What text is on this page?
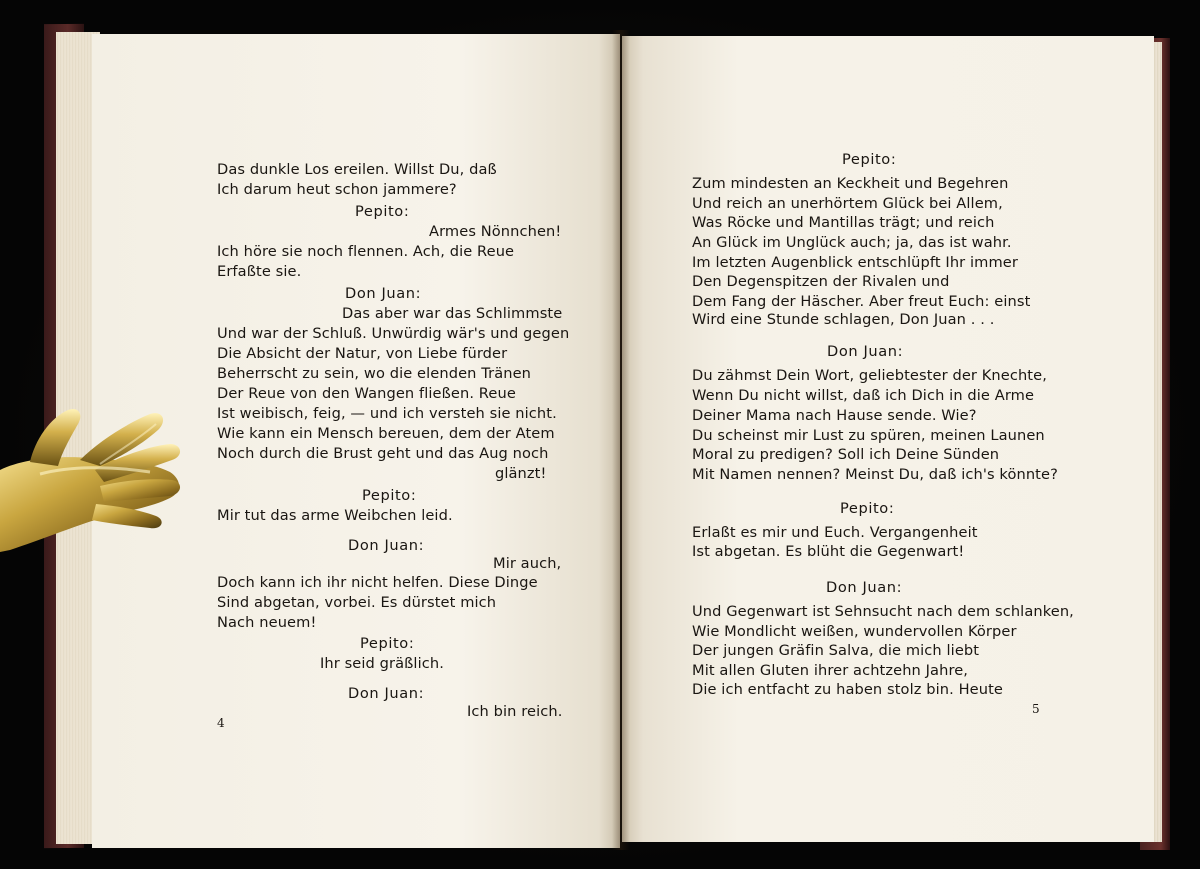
Das dunkle Los ereilen. Willst Du, daß
Ich darum heut schon jammere?
Pepito:
Armes Nönnchen!
Ich höre sie noch flennen. Ach, die Reue
Erfaßte sie.
Don Juan:
Das aber war das Schlimmste
Und war der Schluß. Unwürdig wär's und gegen
Die Absicht der Natur, von Liebe fürder
Beherrscht zu sein, wo die elenden Tränen
Der Reue von den Wangen fließen. Reue
Ist weibisch, feig, — und ich versteh sie nicht.
Wie kann ein Mensch bereuen, dem der Atem
Noch durch die Brust geht und das Aug noch
glänzt!
Pepito:
Mir tut das arme Weibchen leid.
Don Juan:
Mir auch,
Doch kann ich ihr nicht helfen. Diese Dinge
Sind abgetan, vorbei. Es dürstet mich
Nach neuem!
Pepito:
Ihr seid gräßlich.
Don Juan:
Ich bin reich.
4
Pepito:
Zum mindesten an Keckheit und Begehren
Und reich an unerhörtem Glück bei Allem,
Was Röcke und Mantillas trägt; und reich
An Glück im Unglück auch; ja, das ist wahr.
Im letzten Augenblick entschlüpft Ihr immer
Den Degenspitzen der Rivalen und
Dem Fang der Häscher. Aber freut Euch: einst
Wird eine Stunde schlagen, Don Juan . . .
Don Juan:
Du zähmst Dein Wort, geliebtester der Knechte,
Wenn Du nicht willst, daß ich Dich in die Arme
Deiner Mama nach Hause sende. Wie?
Du scheinst mir Lust zu spüren, meinen Launen
Moral zu predigen? Soll ich Deine Sünden
Mit Namen nennen? Meinst Du, daß ich's könnte?
Pepito:
Erlaßt es mir und Euch. Vergangenheit
Ist abgetan. Es blüht die Gegenwart!
Don Juan:
Und Gegenwart ist Sehnsucht nach dem schlanken,
Wie Mondlicht weißen, wundervollen Körper
Der jungen Gräfin Salva, die mich liebt
Mit allen Gluten ihrer achtzehn Jahre,
Die ich entfacht zu haben stolz bin. Heute
5
